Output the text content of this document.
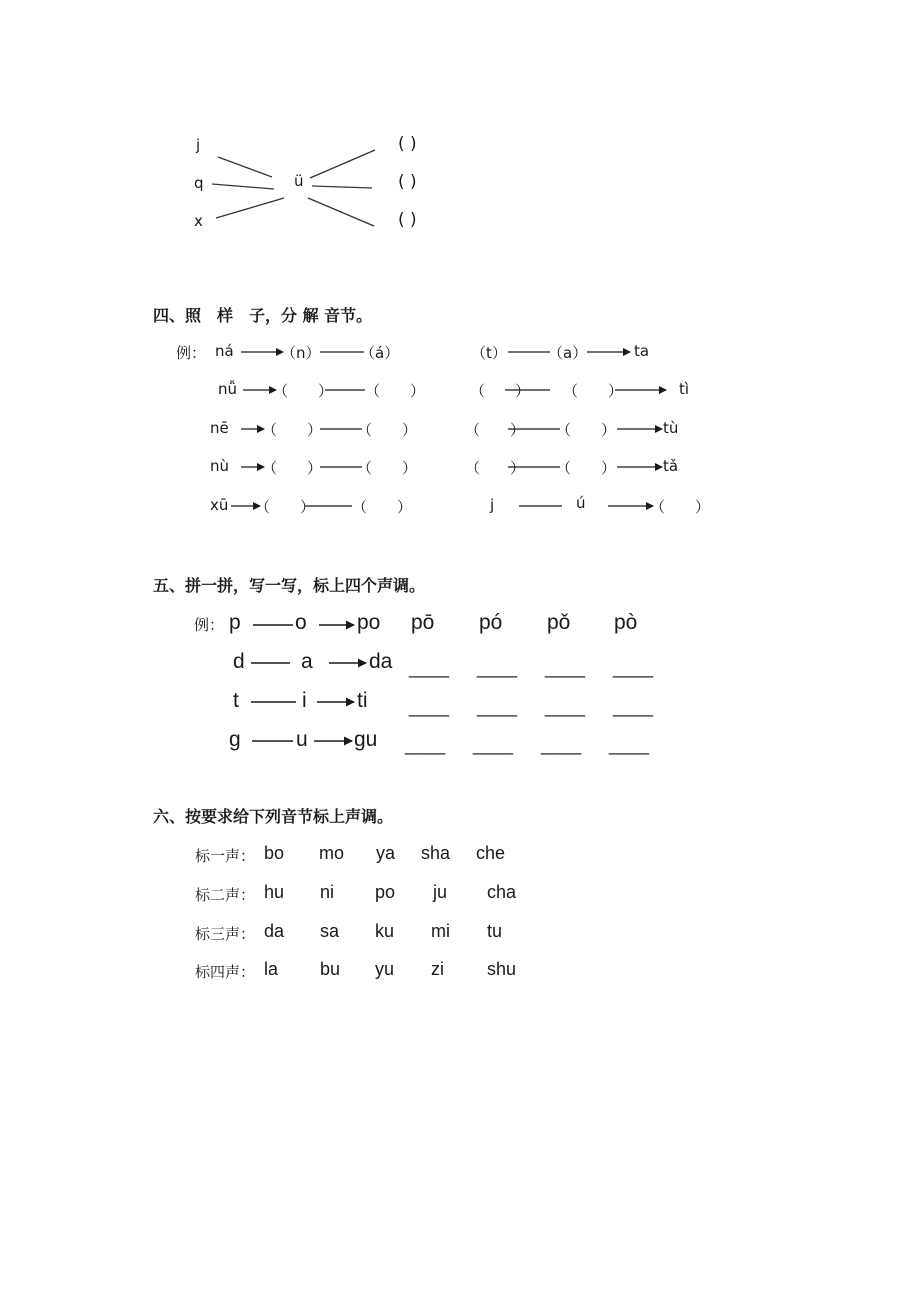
j
q
x
ü
( )
( )
( )
四、照　样　子，分 解 音节。
例： ná	（n）	（á）	（t）	（a）	ta
nǚ （　　） （　　）	（　　） （　　）	tì
nē （　　） （　　）	（　　） （　　）	tù
nù （　　） （　　）	（　　） （　　）	tǎ
xū （　　） （　　）	j	ú	（　　）
五、拼一拼，写一写，标上四个声调。
例： p	o po pō pó pǒ pò
d	a	da ____ ____ ____ ____
t	i ti ____ ____ ____ ____
g	u gu ____ ____ ____ ____
六、按要求给下列音节标上声调。
标一声： bo mo ya sha che
标二声： hu ni po ju cha
标三声： da sa ku mi tu
标四声： la bu yu zi shu
